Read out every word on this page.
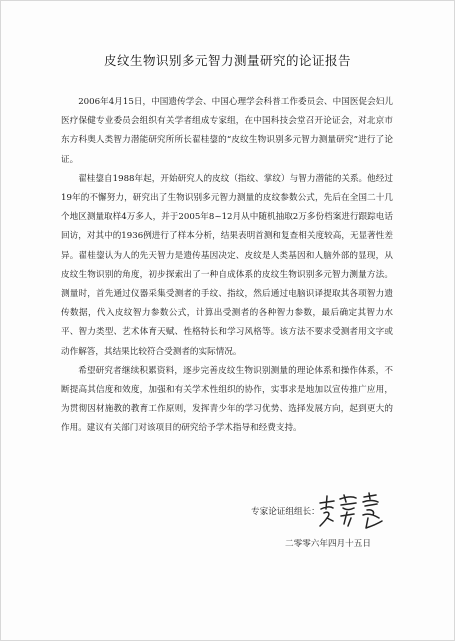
皮纹生物识别多元智力测量研究的论证报告

2006年4月15日，中国遗传学会、中国心理学会科普工作委员会、中国医促会妇儿医疗保健专业委员会组织有关学者组成专家组，在中国科技会堂召开论证会，对北京市东方科奥人类智力潜能研究所所长翟桂鋆的“皮纹生物识别多元智力测量研究”进行了论证。

翟桂鋆自1988年起，开始研究人的皮纹（指纹、掌纹）与智力潜能的关系。他经过19年的不懈努力，研究出了生物识别多元智力测量的皮纹参数公式，先后在全国二十几个地区测量取样4万多人，并于2005年8~12月从中随机抽取2万多份档案进行跟踪电话回访，对其中的1936例进行了样本分析，结果表明首测和复查相关度较高，无显著性差异。翟桂鋆认为人的先天智力是遗传基因决定、皮纹是人类基因和人脑外部的显现，从皮纹生物识别的角度，初步探索出了一种自成体系的皮纹生物识别多元智力测量方法。测量时，首先通过仪器采集受测者的手纹、指纹，然后通过电脑识译提取其各项智力遗传数据，代入皮纹智力参数公式，计算出受测者的各种智力参数，最后确定其智力水平、智力类型、艺术体育天赋、性格特长和学习风格等。该方法不要求受测者用文字或动作解答，其结果比较符合受测者的实际情况。

希望研究者继续积累资料，逐步完善皮纹生物识别测量的理论体系和操作体系，不断提高其信度和效度，加强和有关学术性组织的协作，实事求是地加以宣传推广应用，为贯彻因材施教的教育工作原则，发挥青少年的学习优势、选择发展方向，起到更大的作用。建议有关部门对该项目的研究给予学术指导和经费支持。

专家论证组组长：
二零零六年四月十五日
